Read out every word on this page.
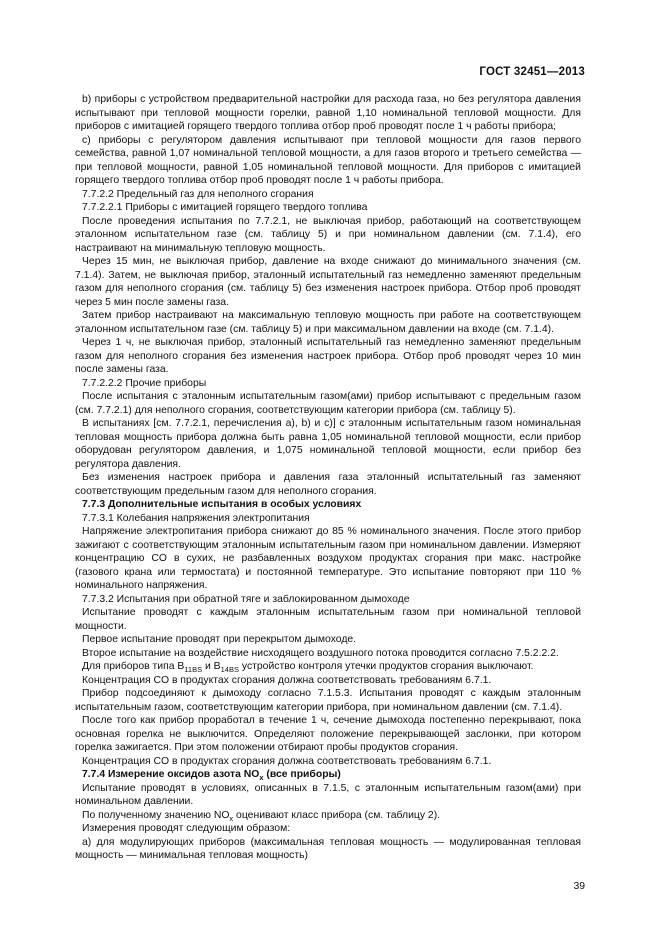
ГОСТ 32451—2013

b) приборы с устройством предварительной настройки для расхода газа, но без регулятора давления испытывают при тепловой мощности горелки, равной 1,10 номинальной тепловой мощности. Для приборов с имитацией горящего твердого топлива отбор проб проводят после 1 ч работы прибора;

c) приборы с регулятором давления испытывают при тепловой мощности для газов первого семейства, равной 1,07 номинальной тепловой мощности, а для газов второго и третьего семейства — при тепловой мощности, равной 1,05 номинальной тепловой мощности. Для приборов с имитацией горящего твердого топлива отбор проб проводят после 1 ч работы прибора.

7.7.2.2 Предельный газ для неполного сгорания

7.7.2.2.1 Приборы с имитацией горящего твердого топлива

После проведения испытания по 7.7.2.1, не выключая прибор, работающий на соответствующем эталонном испытательном газе (см. таблицу 5) и при номинальном давлении (см. 7.1.4), его настраивают на минимальную тепловую мощность.

Через 15 мин, не выключая прибор, давление на входе снижают до минимального значения (см. 7.1.4). Затем, не выключая прибор, эталонный испытательный газ немедленно заменяют предельным газом для неполного сгорания (см. таблицу 5) без изменения настроек прибора. Отбор проб проводят через 5 мин после замены газа.

Затем прибор настраивают на максимальную тепловую мощность при работе на соответствующем эталонном испытательном газе (см. таблицу 5) и при максимальном давлении на входе (см. 7.1.4).

Через 1 ч, не выключая прибор, эталонный испытательный газ немедленно заменяют предельным газом для неполного сгорания без изменения настроек прибора. Отбор проб проводят через 10 мин после замены газа.

7.7.2.2.2 Прочие приборы

После испытания с эталонным испытательным газом(ами) прибор испытывают с предельным газом (см. 7.7.2.1) для неполного сгорания, соответствующим категории прибора (см. таблицу 5).

В испытаниях [см. 7.7.2.1, перечисления a), b) и c)] с эталонным испытательным газом номинальная тепловая мощность прибора должна быть равна 1,05 номинальной тепловой мощности, если прибор оборудован регулятором давления, и 1,075 номинальной тепловой мощности, если прибор без регулятора давления.

Без изменения настроек прибора и давления газа эталонный испытательный газ заменяют соответствующим предельным газом для неполного сгорания.

7.7.3 Дополнительные испытания в особых условиях

7.7.3.1 Колебания напряжения электропитания

Напряжение электропитания прибора снижают до 85 % номинального значения. После этого прибор зажигают с соответствующим эталонным испытательным газом при номинальном давлении. Измеряют концентрацию CO в сухих, не разбавленных воздухом продуктах сгорания при макс. настройке (газового крана или термостата) и постоянной температуре. Это испытание повторяют при 110 % номинального напряжения.

7.7.3.2 Испытания при обратной тяге и заблокированном дымоходе

Испытание проводят с каждым эталонным испытательным газом при номинальной тепловой мощности.

Первое испытание проводят при перекрытом дымоходе.

Второе испытание на воздействие нисходящего воздушного потока проводится согласно 7.5.2.2.2.

Для приборов типа $B_{11BS}$ и $B_{14BS}$ устройство контроля утечки продуктов сгорания выключают.

Концентрация CO в продуктах сгорания должна соответствовать требованиям 6.7.1.

Прибор подсоединяют к дымоходу согласно 7.1.5.3. Испытания проводят с каждым эталонным испытательным газом, соответствующим категории прибора, при номинальном давлении (см. 7.1.4).

После того как прибор проработал в течение 1 ч, сечение дымохода постепенно перекрывают, пока основная горелка не выключится. Определяют положение перекрывающей заслонки, при котором горелка зажигается. При этом положении отбирают пробы продуктов сгорания.

Концентрация CO в продуктах сгорания должна соответствовать требованиям 6.7.1.

7.7.4 Измерение оксидов азота $NO_x$ (все приборы)

Испытание проводят в условиях, описанных в 7.1.5, с эталонным испытательным газом(ами) при номинальном давлении.

По полученному значению $NO_x$ оценивают класс прибора (см. таблицу 2).

Измерения проводят следующим образом:

a) для модулирующих приборов (максимальная тепловая мощность — модулированная тепловая мощность — минимальная тепловая мощность)

39
